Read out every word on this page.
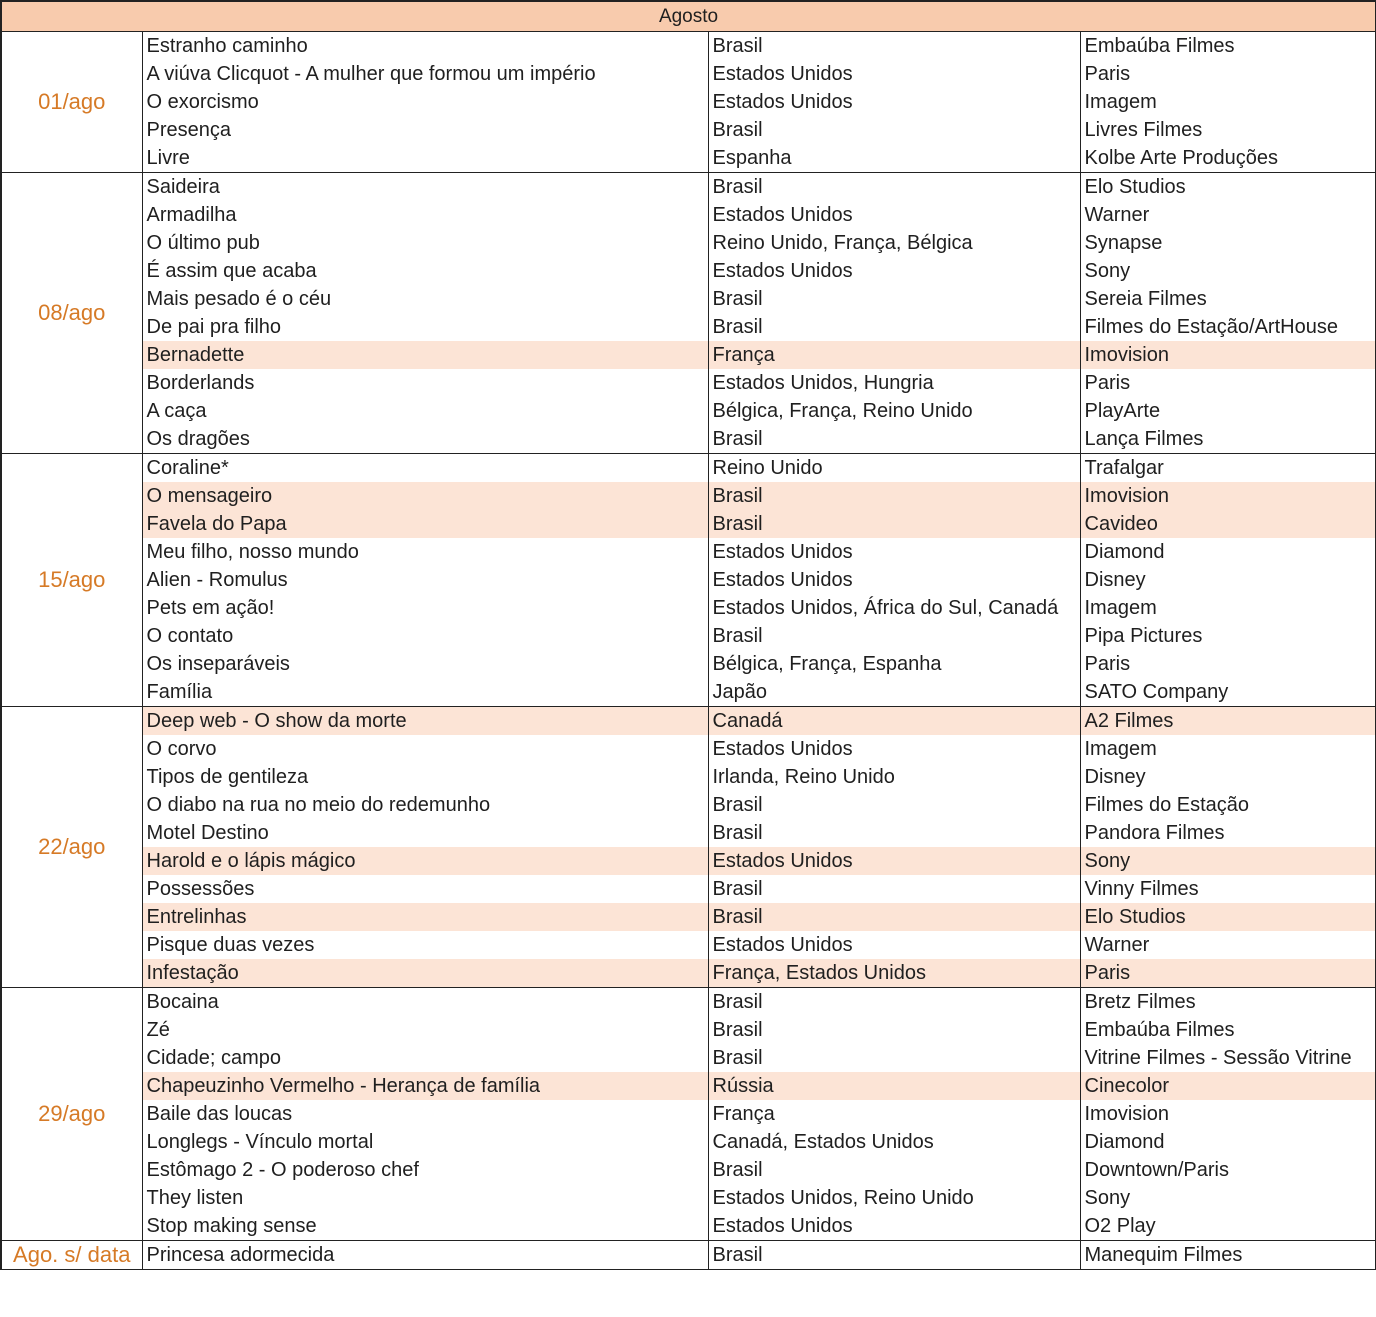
Agosto			
01/ago	Estranho caminho	Brasil	Embaúba Filmes
	A viúva Clicquot - A mulher que formou um império	Estados Unidos	Paris
	O exorcismo	Estados Unidos	Imagem
	Presença	Brasil	Livres Filmes
	Livre	Espanha	Kolbe Arte Produções
08/ago	Saideira	Brasil	Elo Studios
	Armadilha	Estados Unidos	Warner
	O último pub	Reino Unido, França, Bélgica	Synapse
	É assim que acaba	Estados Unidos	Sony
	Mais pesado é o céu	Brasil	Sereia Filmes
	De pai pra filho	Brasil	Filmes do Estação/ArtHouse
	Bernadette	França	Imovision
	Borderlands	Estados Unidos, Hungria	Paris
	A caça	Bélgica, França, Reino Unido	PlayArte
	Os dragões	Brasil	Lança Filmes
15/ago	Coraline*	Reino Unido	Trafalgar
	O mensageiro	Brasil	Imovision
	Favela do Papa	Brasil	Cavideo
	Meu filho, nosso mundo	Estados Unidos	Diamond
	Alien - Romulus	Estados Unidos	Disney
	Pets em ação!	Estados Unidos, África do Sul, Canadá	Imagem
	O contato	Brasil	Pipa Pictures
	Os inseparáveis	Bélgica, França, Espanha	Paris
	Família	Japão	SATO Company
22/ago	Deep web - O show da morte	Canadá	A2 Filmes
	O corvo	Estados Unidos	Imagem
	Tipos de gentileza	Irlanda, Reino Unido	Disney
	O diabo na rua no meio do redemunho	Brasil	Filmes do Estação
	Motel Destino	Brasil	Pandora Filmes
	Harold e o lápis mágico	Estados Unidos	Sony
	Possessões	Brasil	Vinny Filmes
	Entrelinhas	Brasil	Elo Studios
	Pisque duas vezes	Estados Unidos	Warner
	Infestação	França, Estados Unidos	Paris
29/ago	Bocaina	Brasil	Bretz Filmes
	Zé	Brasil	Embaúba Filmes
	Cidade; campo	Brasil	Vitrine Filmes - Sessão Vitrine
	Chapeuzinho Vermelho - Herança de família	Rússia	Cinecolor
	Baile das loucas	França	Imovision
	Longlegs - Vínculo mortal	Canadá, Estados Unidos	Diamond
	Estômago 2 - O poderoso chef	Brasil	Downtown/Paris
	They listen	Estados Unidos, Reino Unido	Sony
	Stop making sense	Estados Unidos	O2 Play
Ago. s/ data	Princesa adormecida	Brasil	Manequim Filmes
